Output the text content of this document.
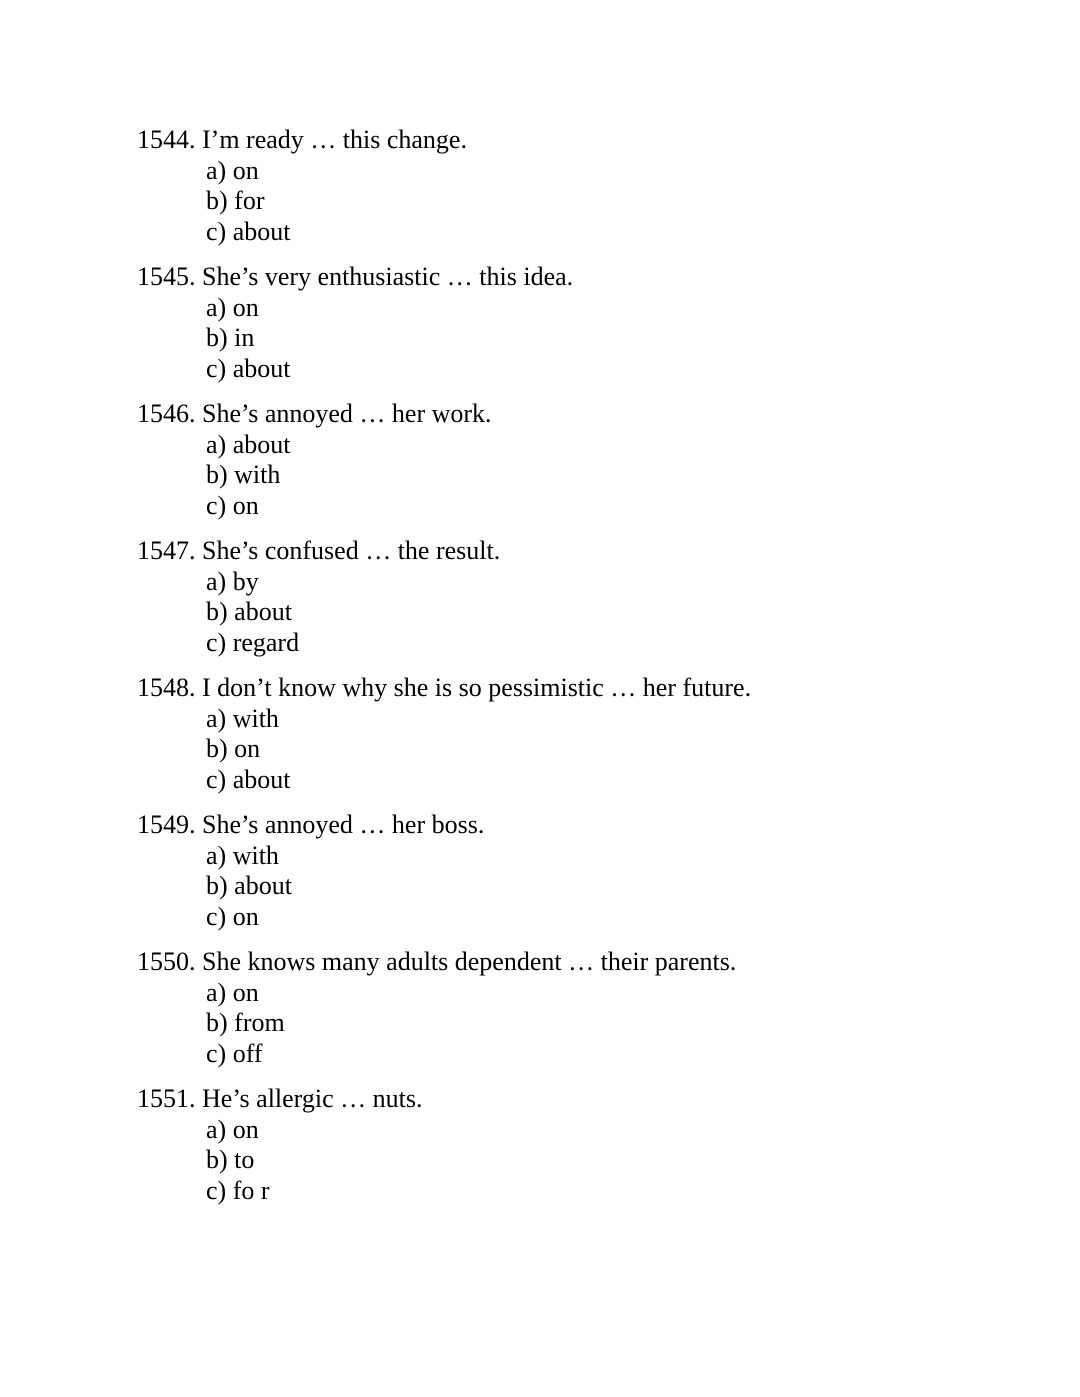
1544. I’m ready … this change.
a) on
b) for
c) about
1545. She’s very enthusiastic … this idea.
a) on
b) in
c) about
1546. She’s annoyed … her work.
a) about
b) with
c) on
1547. She’s confused … the result.
a) by
b) about
c) regard
1548. I don’t know why she is so pessimistic … her future.
a) with
b) on
c) about
1549. She’s annoyed … her boss.
a) with
b) about
c) on
1550. She knows many adults dependent … their parents.
a) on
b) from
c) off
1551. He’s allergic … nuts.
a) on
b) to
c) fo r
